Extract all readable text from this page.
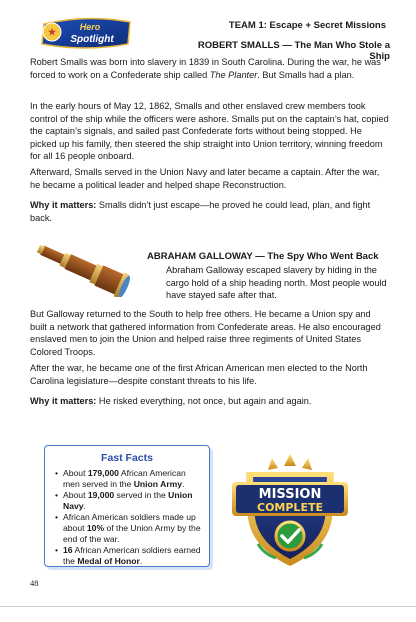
★	Hero
Spotlight
TEAM 1: Escape + Secret Missions
ROBERT SMALLS — The Man Who Stole a Ship

Robert Smalls was born into slavery in 1839 in South Carolina. During the war, he was forced to work on a Confederate ship called The Planter. But Smalls had a plan.

In the early hours of May 12, 1862, Smalls and other enslaved crew members took control of the ship while the officers were ashore. Smalls put on the captain’s hat, copied the captain’s signals, and sailed past Confederate forts without being stopped. He picked up his family, then steered the ship straight into Union territory, winning freedom for all 16 people onboard.

Afterward, Smalls served in the Union Navy and later became a captain. After the war, he became a political leader and helped shape Reconstruction.

Why it matters: Smalls didn’t just escape—he proved he could lead, plan, and fight back.

ABRAHAM GALLOWAY — The Spy Who Went Back

Abraham Galloway escaped slavery by hiding in the cargo hold of a ship heading north. Most people would have stayed safe after that.

But Galloway returned to the South to help free others. He became a Union spy and built a network that gathered information from Confederate areas. He also encouraged enslaved men to join the Union and helped raise three regiments of United States Colored Troops.

After the war, he became one of the first African American men elected to the North Carolina legislature—despite constant threats to his life.

Why it matters: He risked everything, not once, but again and again.

Fast Facts
• About 179,000 African American men served in the Union Army.
• About 19,000 served in the Union Navy.
• African American soldiers made up about 10% of the Union Army by the end of the war.
• 16 African American soldiers earned the Medal of Honor.
MISSION
COMPLETE
48
